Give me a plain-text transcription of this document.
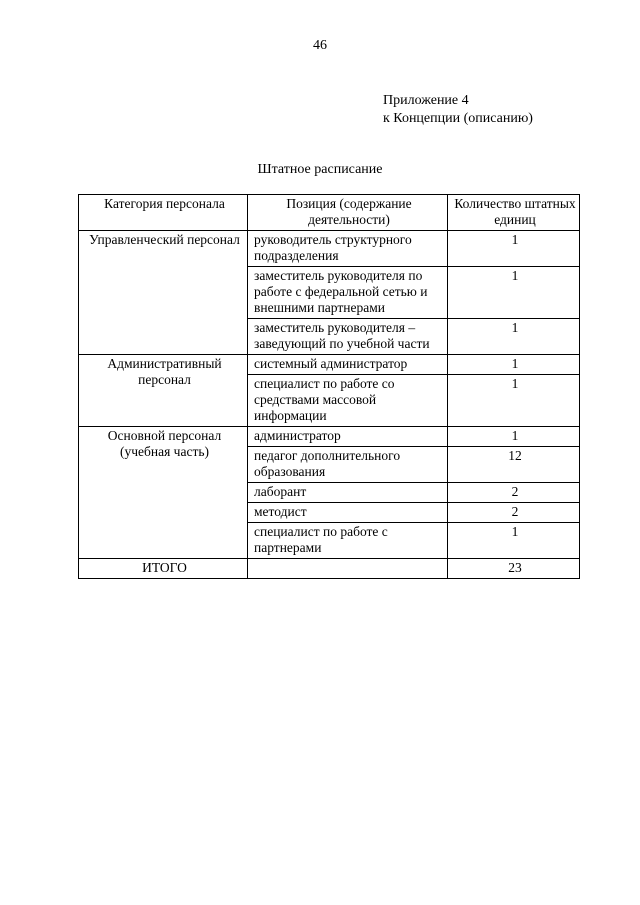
46
Приложение 4
к Концепции (описанию)
Штатное расписание
Категория персонала	Позиция (содержание деятельности)	Количество штатных единиц
Управленческий персонал	руководитель структурного подразделения	1
	заместитель руководителя по работе с федеральной сетью и внешними партнерами	1
	заместитель руководителя – заведующий по учебной части	1
Административный персонал	системный администратор	1
	специалист по работе со средствами массовой информации	1
Основной персонал (учебная часть)	администратор	1
	педагог дополнительного образования	12
	лаборант	2
	методист	2
	специалист по работе с партнерами	1
ИТОГО		23
